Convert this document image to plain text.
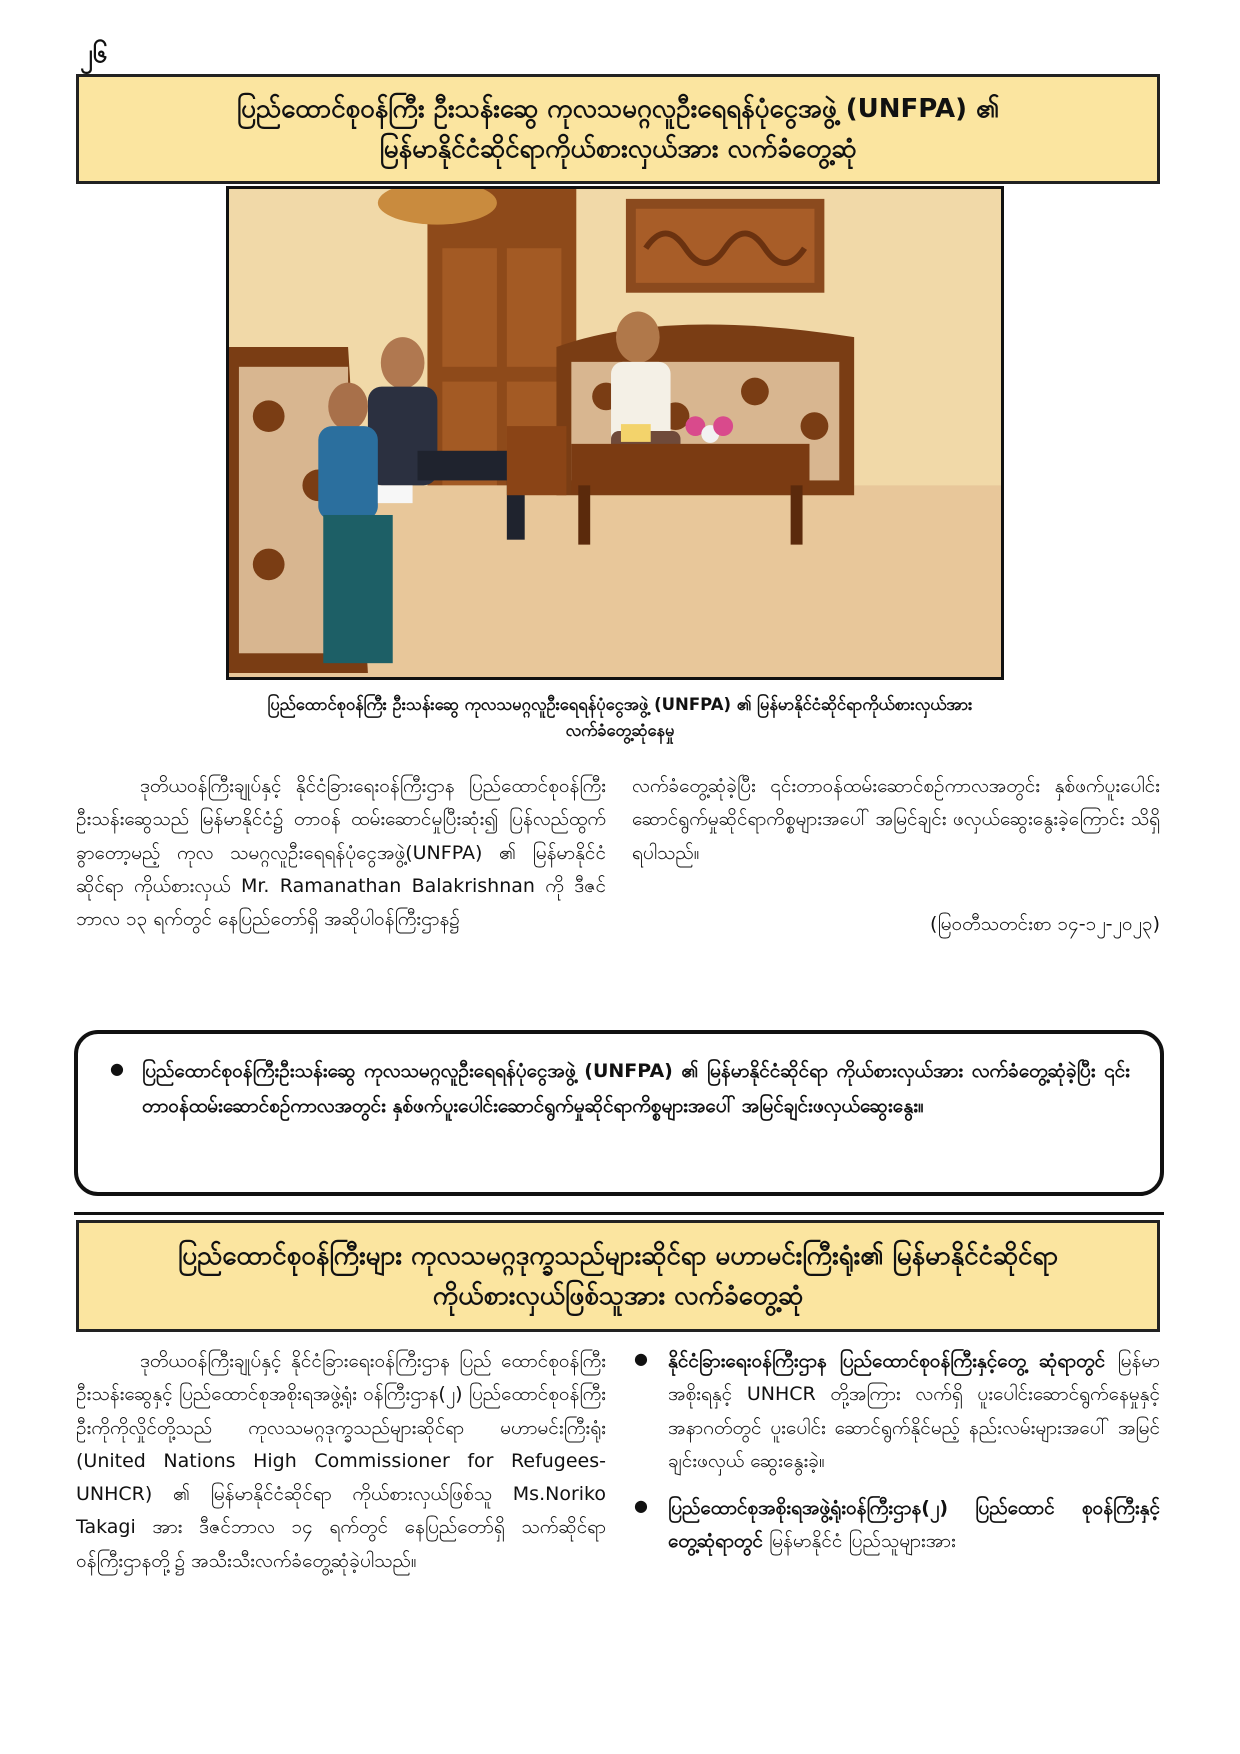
၂၆
ပြည်ထောင်စုဝန်ကြီး ဦးသန်းဆွေ ကုလသမဂ္ဂလူဦးရေရန်ပုံငွေအဖွဲ့ (UNFPA) ၏
မြန်မာနိုင်ငံဆိုင်ရာကိုယ်စားလှယ်အား လက်ခံတွေ့ဆုံ
ပြည်ထောင်စုဝန်ကြီး ဦးသန်းဆွေ ကုလသမဂ္ဂလူဦးရေရန်ပုံငွေအဖွဲ့ (UNFPA) ၏ မြန်မာနိုင်ငံဆိုင်ရာကိုယ်စားလှယ်အား
လက်ခံတွေ့ဆုံနေမှု

ဒုတိယဝန်ကြီးချုပ်နှင့် နိုင်ငံခြားရေးဝန်ကြီးဌာန ပြည်ထောင်စုဝန်ကြီး ဦးသန်းဆွေသည် မြန်မာနိုင်ငံ၌ တာဝန် ထမ်းဆောင်မှုပြီးဆုံး၍ ပြန်လည်ထွက်ခွာတော့မည့် ကုလ သမဂ္ဂလူဦးရေရန်ပုံငွေအဖွဲ့(UNFPA) ၏ မြန်မာနိုင်ငံဆိုင်ရာ ကိုယ်စားလှယ် Mr. Ramanathan Balakrishnan ကို ဒီဇင် ဘာလ ၁၃ ရက်တွင် နေပြည်တော်ရှိ အဆိုပါဝန်ကြီးဌာန၌

လက်ခံတွေ့ဆုံခဲ့ပြီး ၎င်းတာဝန်ထမ်းဆောင်စဉ်ကာလအတွင်း နှစ်ဖက်ပူးပေါင်းဆောင်ရွက်မှုဆိုင်ရာကိစ္စများအပေါ် အမြင်ချင်း ဖလှယ်ဆွေးနွေးခဲ့ကြောင်း သိရှိရပါသည်။

(မြဝတီသတင်းစာ ၁၄-၁၂-၂၀၂၃)
● ပြည်ထောင်စုဝန်ကြီးဦးသန်းဆွေ ကုလသမဂ္ဂလူဦးရေရန်ပုံငွေအဖွဲ့ (UNFPA) ၏ မြန်မာနိုင်ငံဆိုင်ရာ ကိုယ်စားလှယ်အား လက်ခံတွေ့ဆုံခဲ့ပြီး ၎င်းတာဝန်ထမ်းဆောင်စဉ်ကာလအတွင်း နှစ်ဖက်ပူးပေါင်းဆောင်ရွက်မှုဆိုင်ရာကိစ္စများအပေါ် အမြင်ချင်းဖလှယ်ဆွေးနွေး။
ပြည်ထောင်စုဝန်ကြီးများ ကုလသမဂ္ဂဒုက္ခသည်များဆိုင်ရာ မဟာမင်းကြီးရုံး၏ မြန်မာနိုင်ငံဆိုင်ရာ
ကိုယ်စားလှယ်ဖြစ်သူအား လက်ခံတွေ့ဆုံ

ဒုတိယဝန်ကြီးချုပ်နှင့် နိုင်ငံခြားရေးဝန်ကြီးဌာန ပြည် ထောင်စုဝန်ကြီး ဦးသန်းဆွေနှင့် ပြည်ထောင်စုအစိုးရအဖွဲ့ရုံး ဝန်ကြီးဌာန(၂) ပြည်ထောင်စုဝန်ကြီး ဦးကိုကိုလှိုင်တို့သည် ကုလသမဂ္ဂဒုက္ခသည်များဆိုင်ရာ မဟာမင်းကြီးရုံး (United Nations High Commissioner for Refugees-UNHCR) ၏ မြန်မာနိုင်ငံဆိုင်ရာ ကိုယ်စားလှယ်ဖြစ်သူ Ms.Noriko Takagi အား ဒီဇင်ဘာလ ၁၄ ရက်တွင် နေပြည်တော်ရှိ သက်ဆိုင်ရာ ဝန်ကြီးဌာနတို့၌ အသီးသီးလက်ခံတွေ့ဆုံခဲ့ပါသည်။

● နိုင်ငံခြားရေးဝန်ကြီးဌာန ပြည်ထောင်စုဝန်ကြီးနှင့်တွေ့ ဆုံရာတွင် မြန်မာအစိုးရနှင့် UNHCR တို့အကြား လက်ရှိ ပူးပေါင်းဆောင်ရွက်နေမှုနှင့် အနာဂတ်တွင် ပူးပေါင်း ဆောင်ရွက်နိုင်မည့် နည်းလမ်းများအပေါ် အမြင်ချင်းဖလှယ် ဆွေးနွေးခဲ့။
● ပြည်ထောင်စုအစိုးရအဖွဲ့ရုံးဝန်ကြီးဌာန(၂) ပြည်ထောင် စုဝန်ကြီးနှင့်တွေ့ဆုံရာတွင် မြန်မာနိုင်ငံ ပြည်သူများအား
